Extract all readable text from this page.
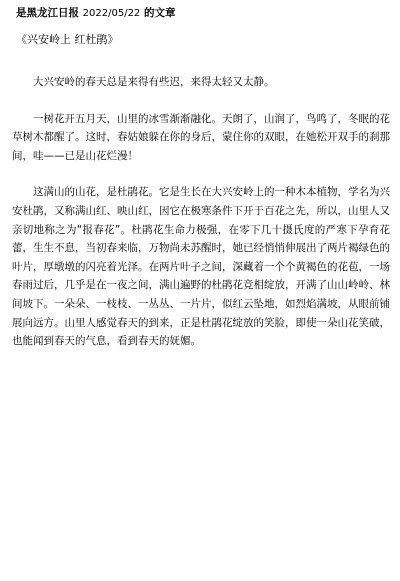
是黑龙江日报 2022/05/22 的文章
《兴安岭上 红杜鹃》

大兴安岭的春天总是来得有些迟，来得太轻又太静。

一树花开五月天，山里的冰雪渐渐融化。天朗了，山润了，鸟鸣了，冬眠的花草树木都醒了。这时，春姑娘躲在你的身后，蒙住你的双眼，在她松开双手的刹那间，哇——已是山花烂漫！

这满山的山花，是杜鹃花。它是生长在大兴安岭上的一种木本植物，学名为兴安杜鹃，又称满山红、映山红，因它在极寒条件下开于百花之先，所以，山里人又亲切地称之为“报春花”。杜鹃花生命力极强，在零下几十摄氏度的严寒下孕育花蕾，生生不息，当初春来临，万物尚未苏醒时，她已经悄悄伸展出了两片褐绿色的叶片，厚墩墩的闪亮着光泽。在两片叶子之间，深藏着一个个黄褐色的花苞，一场春雨过后，几乎是在一夜之间，满山遍野的杜鹃花竞相绽放，开满了山山岭岭、林间坡下。一朵朵、一枝枝、一丛丛、一片片，似红云坠地，如烈焰满坡，从眼前铺展向远方。山里人感觉春天的到来，正是杜鹃花绽放的笑脸，即使一朵山花笑破，也能闻到春天的气息，看到春天的妩媚。
